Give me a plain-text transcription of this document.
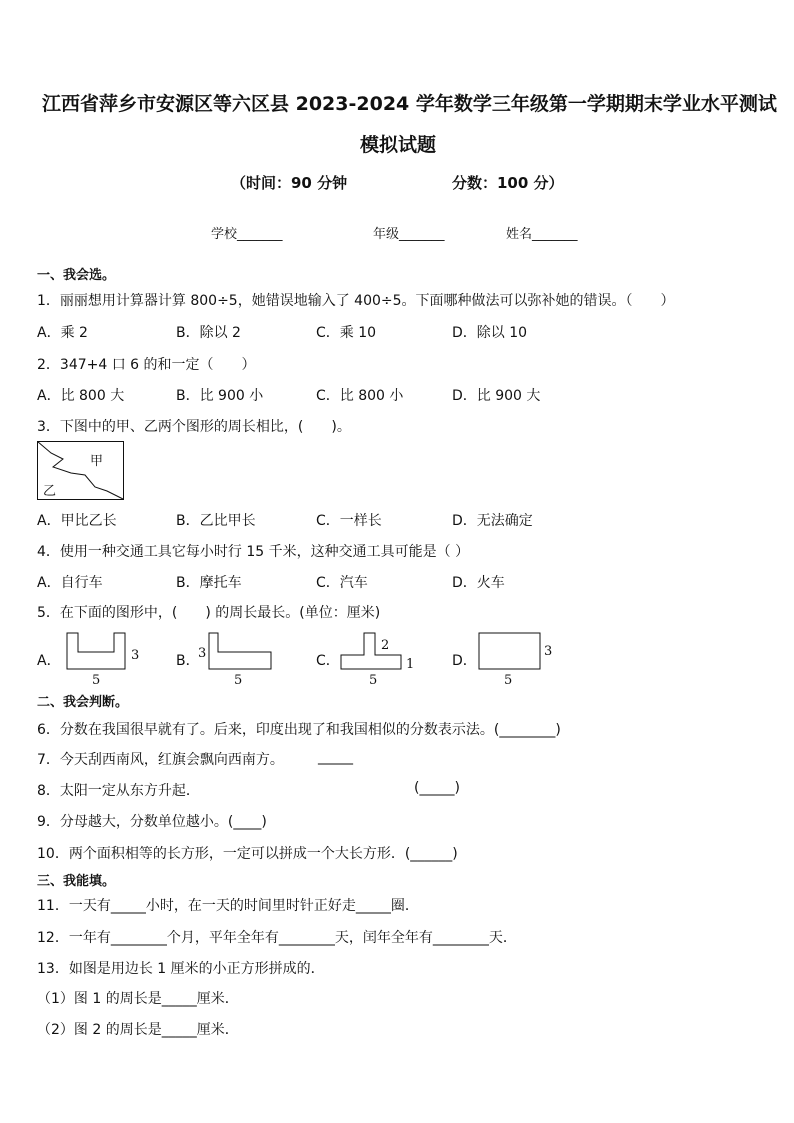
江西省萍乡市安源区等六区县 2023-2024 学年数学三年级第一学期期末学业水平测试
模拟试题
（时间：90 分钟	分数：100 分）
学校_______	年级_______	姓名_______
一、我会选。
1．丽丽想用计算器计算 800÷5，她错误地输入了 400÷5。下面哪种做法可以弥补她的错误。（　　）
A．乘 2	B．除以 2	C．乘 10	D．除以 10
2．347+4 口 6 的和一定（　　）
A．比 800 大	B．比 900 小	C．比 800 小	D．比 900 大
3．下图中的甲、乙两个图形的周长相比，(　　)。
甲
乙
A．甲比乙长	B．乙比甲长	C．一样长	D．无法确定
4．使用一种交通工具它每小时行 15 千米，这种交通工具可能是（ ）
A．自行车	B．摩托车	C．汽车	D．火车
5．在下面的图形中，(　　) 的周长最长。(单位：厘米)
A．	3
5
B．
3
5
C．
2
1
5
D．
3
5
二、我会判断。
6．分数在我国很早就有了。后来，印度出现了和我国相似的分数表示法。(________)
7．今天刮西南风，红旗会飘向西南方。 _____
8．太阳一定从东方升起．	(_____)
9．分母越大，分数单位越小。(____)
10．两个面积相等的长方形，一定可以拼成一个大长方形．(______)
三、我能填。
11．一天有_____小时，在一天的时间里时针正好走_____圈．
12．一年有________个月，平年全年有________天，闰年全年有________天．
13．如图是用边长 1 厘米的小正方形拼成的．
（1）图 1 的周长是_____厘米．
（2）图 2 的周长是_____厘米．
